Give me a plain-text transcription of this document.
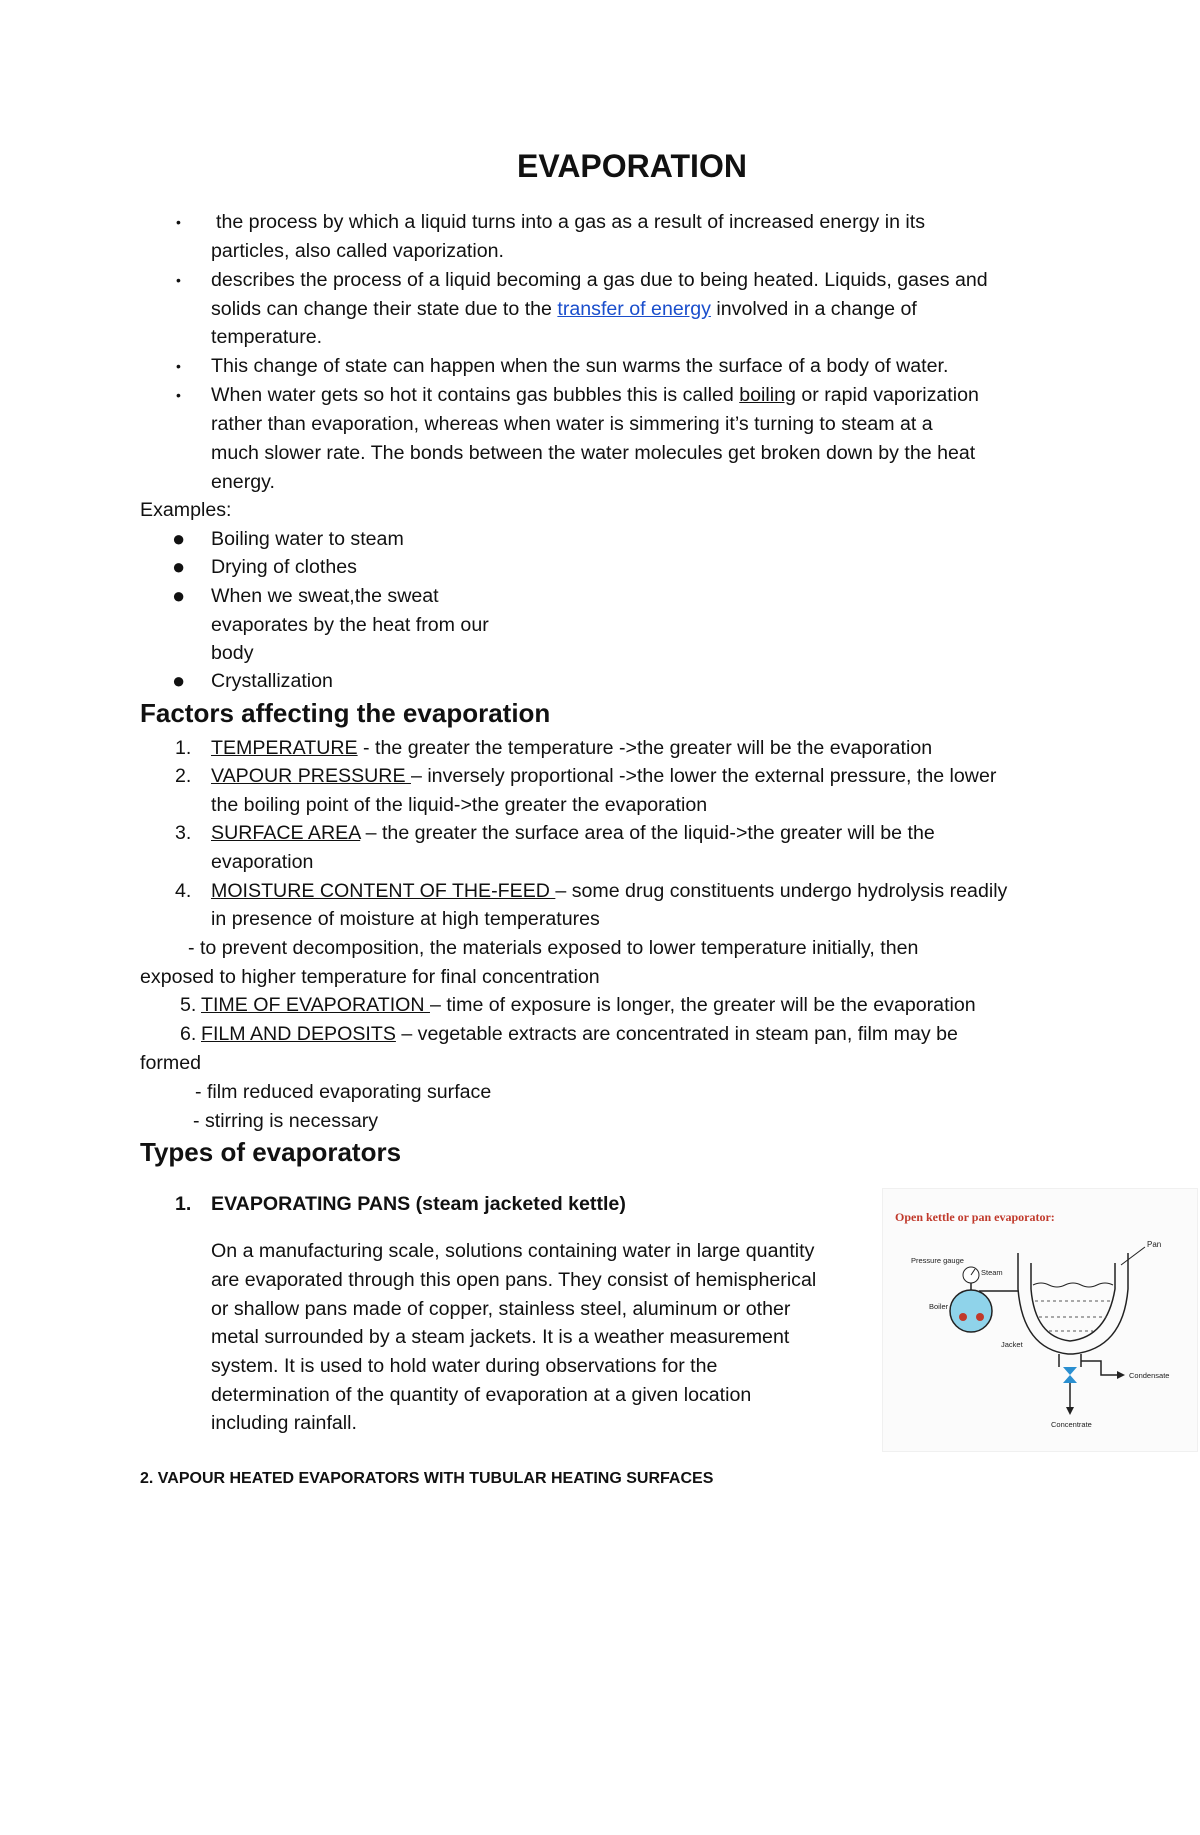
EVAPORATION
• the process by which a liquid turns into a gas as a result of increased energy in its
particles, also called vaporization.
• describes the process of a liquid becoming a gas due to being heated. Liquids, gases and
solids can change their state due to the transfer of energy involved in a change of
temperature.
• This change of state can happen when the sun warms the surface of a body of water.
• When water gets so hot it contains gas bubbles this is called boiling or rapid vaporization
rather than evaporation, whereas when water is simmering it’s turning to steam at a
much slower rate. The bonds between the water molecules get broken down by the heat
energy.
Examples:
● Boiling water to steam
● Drying of clothes
● When we sweat,the sweat
evaporates by the heat from our
body
● Crystallization
Factors affecting the evaporation
1. TEMPERATURE - the greater the temperature ->the greater will be the evaporation
2. VAPOUR PRESSURE – inversely proportional ->the lower the external pressure, the lower
the boiling point of the liquid->the greater the evaporation
3. SURFACE AREA – the greater the surface area of the liquid->the greater will be the
evaporation
4. MOISTURE CONTENT OF THE-FEED – some drug constituents undergo hydrolysis readily
in presence of moisture at high temperatures
- to prevent decomposition, the materials exposed to lower temperature initially, then
exposed to higher temperature for final concentration
5. TIME OF EVAPORATION – time of exposure is longer, the greater will be the evaporation
6. FILM AND DEPOSITS – vegetable extracts are concentrated in steam pan, film may be
formed
- film reduced evaporating surface
- stirring is necessary
Types of evaporators
1. EVAPORATING PANS (steam jacketed kettle)
On a manufacturing scale, solutions containing water in large quantity
are evaporated through this open pans. They consist of hemispherical
or shallow pans made of copper, stainless steel, aluminum or other
metal surrounded by a steam jackets. It is a weather measurement
system. It is used to hold water during observations for the
determination of the quantity of evaporation at a given location
including rainfall.
2. VAPOUR HEATED EVAPORATORS WITH TUBULAR HEATING SURFACES
Open kettle or pan evaporator:
Pan
Pressure gauge
Steam
Boiler
Jacket
Concentrate
Condensate
